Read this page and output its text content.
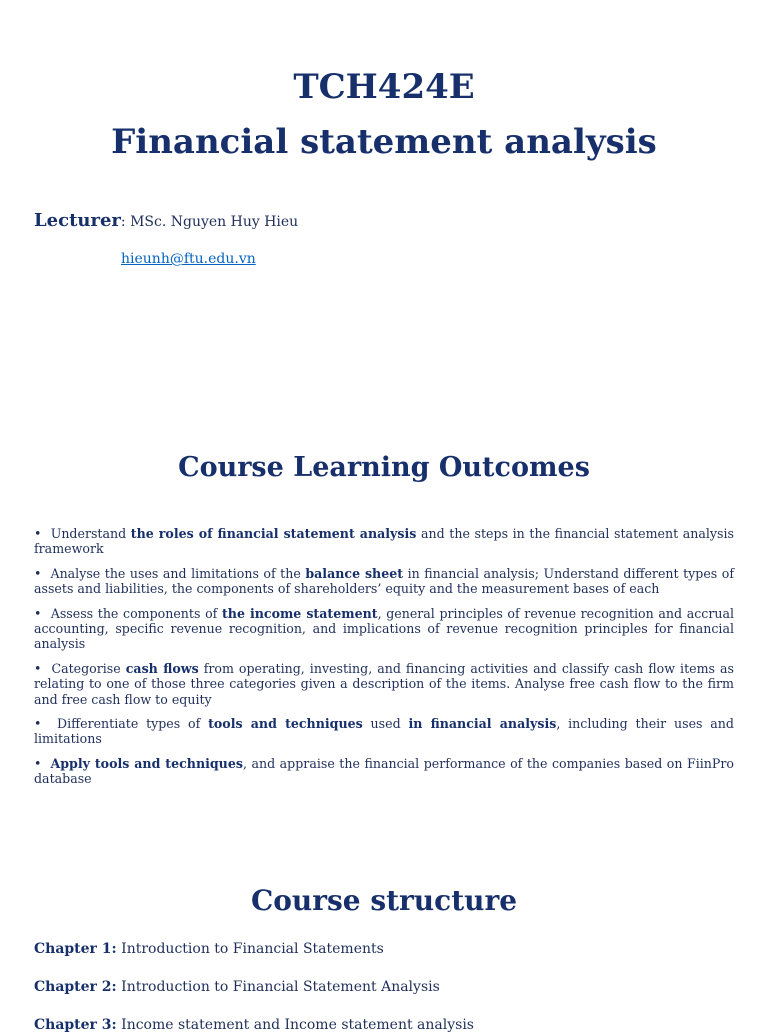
TCH424E
Financial statement analysis
Lecturer: MSc. Nguyen Huy Hieu
hieunh@ftu.edu.vn
Course Learning Outcomes
• Understand the roles of financial statement analysis and the steps in the financial statement analysis framework
• Analyse the uses and limitations of the balance sheet in financial analysis; Understand different types of assets and liabilities, the components of shareholders’ equity and the measurement bases of each
• Assess the components of the income statement, general principles of revenue recognition and accrual accounting, specific revenue recognition, and implications of revenue recognition principles for financial analysis
• Categorise cash flows from operating, investing, and financing activities and classify cash flow items as relating to one of those three categories given a description of the items. Analyse free cash flow to the firm and free cash flow to equity
• Differentiate types of tools and techniques used in financial analysis, including their uses and limitations
• Apply tools and techniques, and appraise the financial performance of the companies based on FiinPro database
Course structure
Chapter 1: Introduction to Financial Statements
Chapter 2: Introduction to Financial Statement Analysis
Chapter 3: Income statement and Income statement analysis
